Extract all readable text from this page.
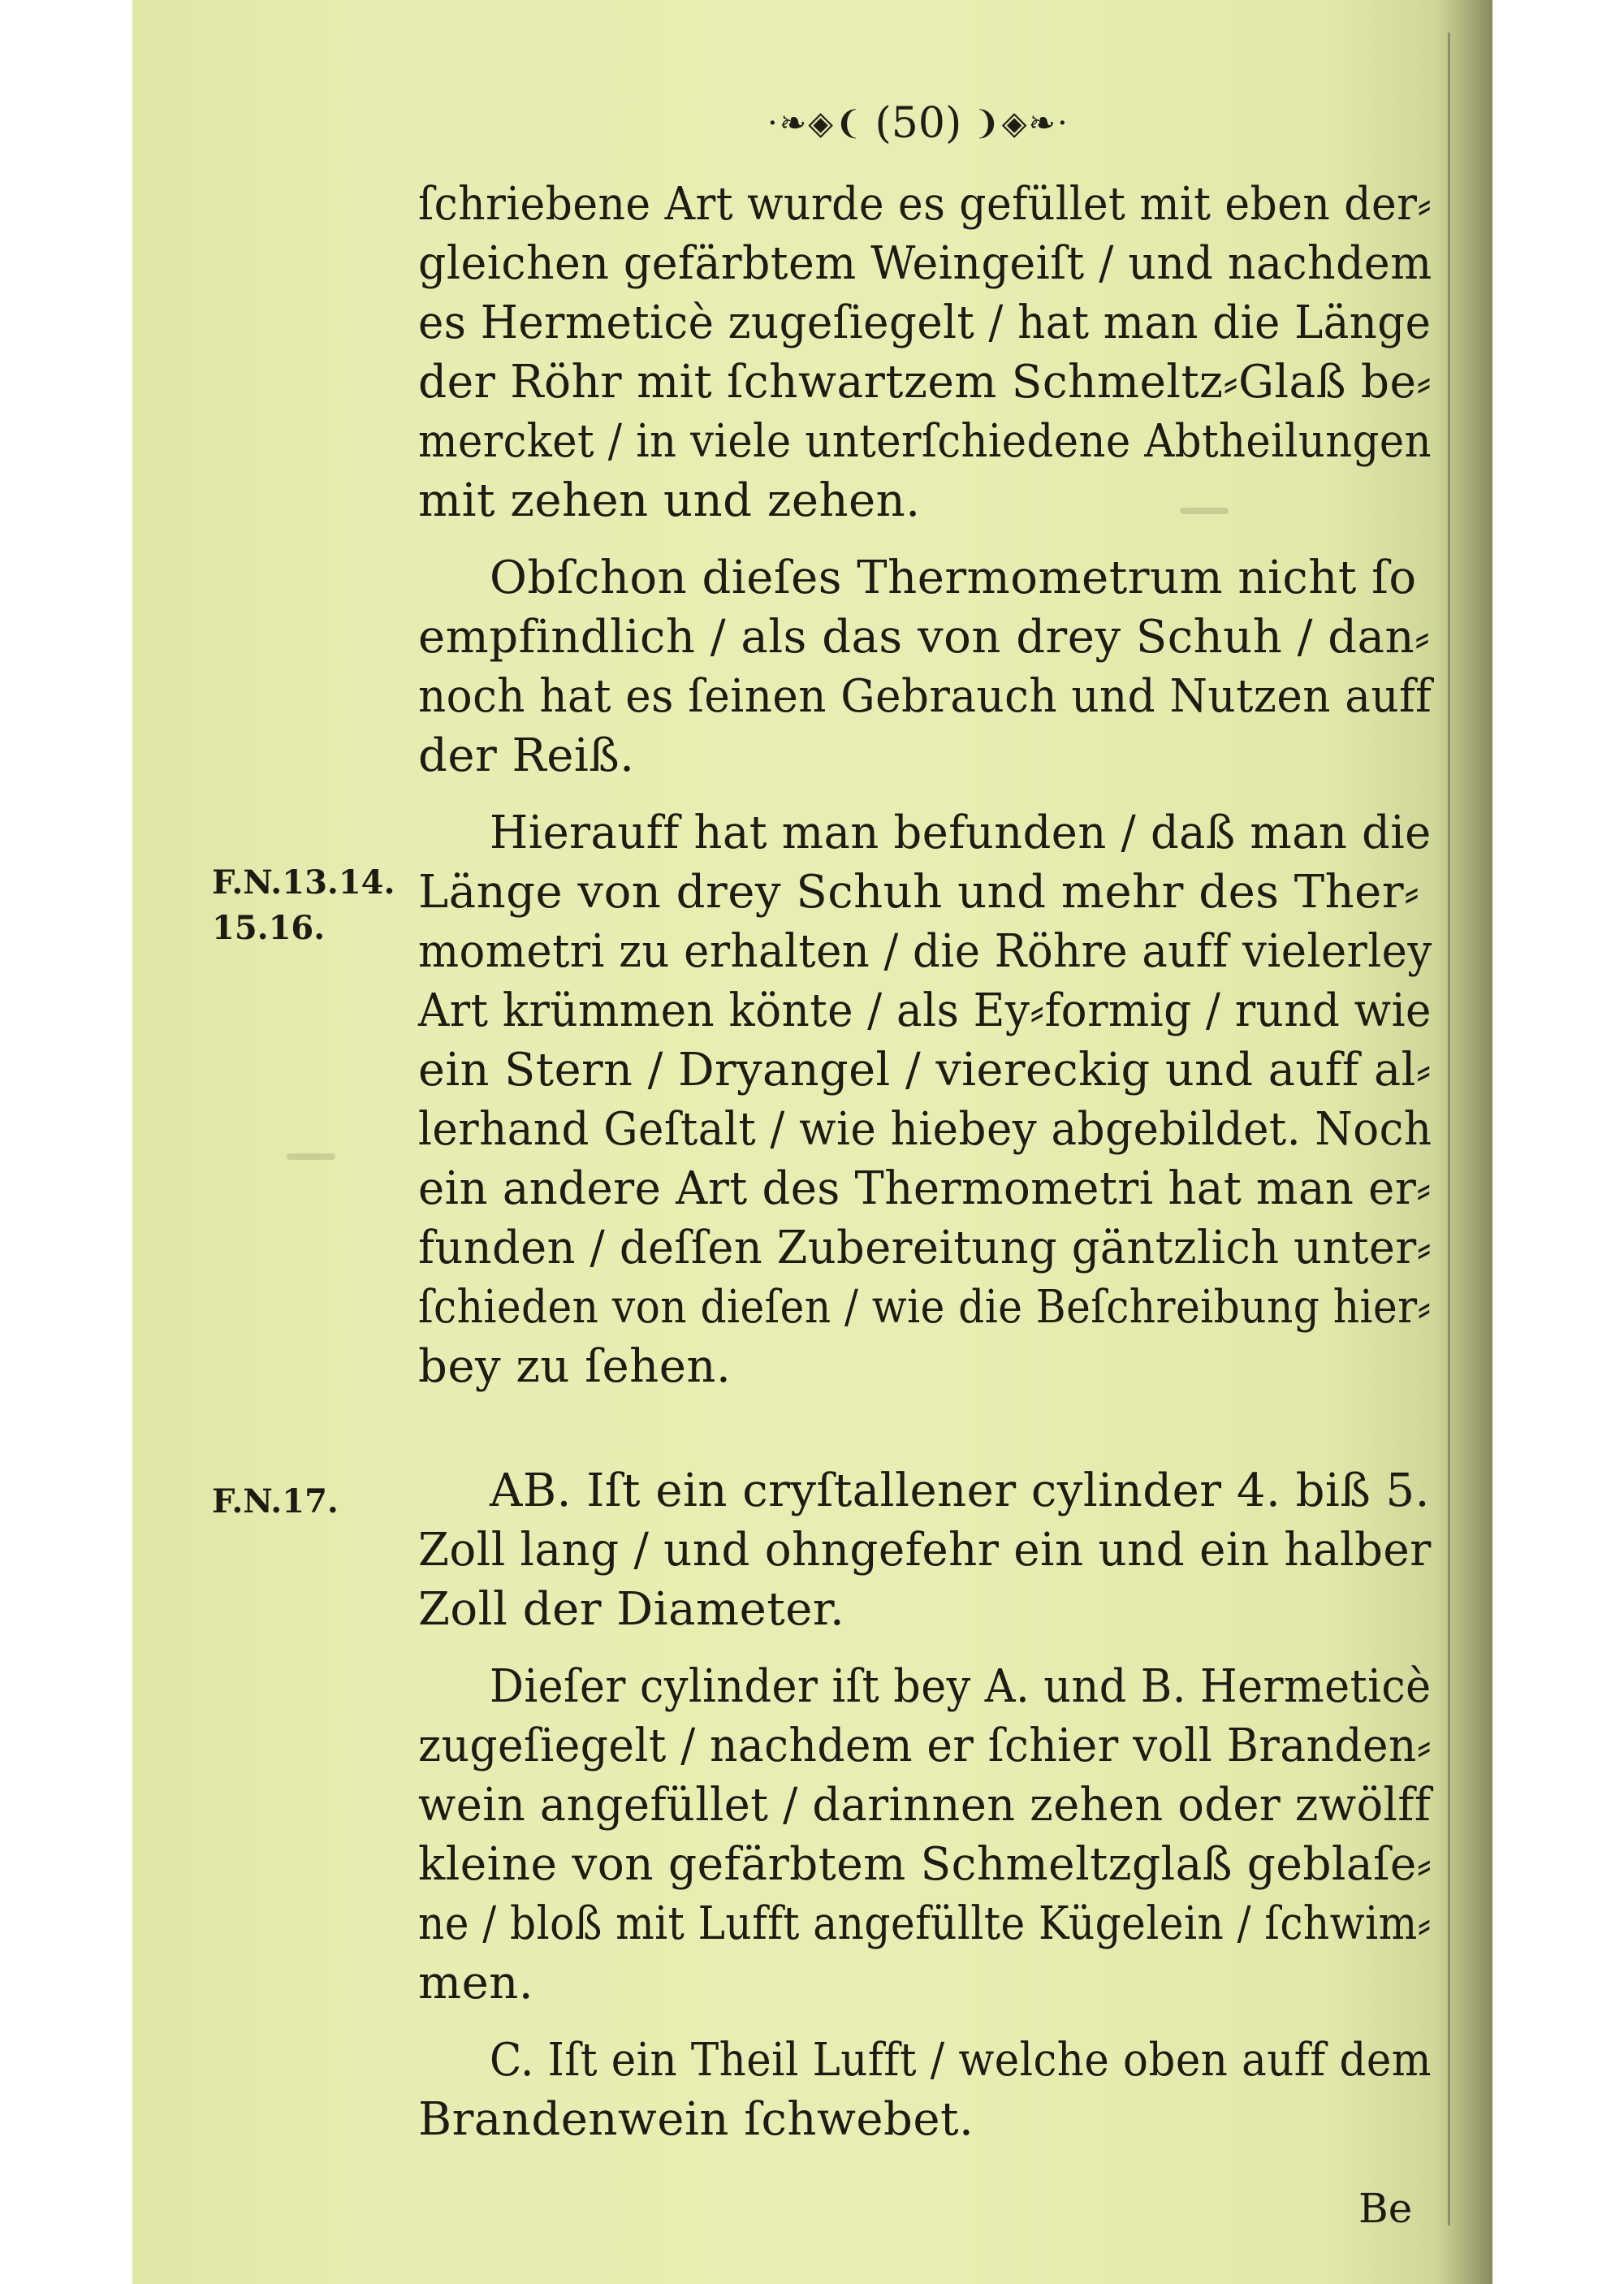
·❧◈❨ (50) ❩◈❧·
F.N.13.14.
15.16.
F.N.17.
ſchriebene Art wurde es gefüllet mit eben der⸗
gleichen gefärbtem Weingeiſt / und nachdem
es Hermeticè zugeſiegelt / hat man die Länge
der Röhr mit ſchwartzem Schmeltz⸗Glaß be⸗
mercket / in viele unterſchiedene Abtheilungen
mit zehen und zehen.
Obſchon dieſes Thermometrum nicht ſo
empfindlich / als das von drey Schuh / dan⸗
noch hat es ſeinen Gebrauch und Nutzen auff
der Reiß.
Hierauff hat man befunden / daß man die
Länge von drey Schuh und mehr des Ther⸗
mometri zu erhalten / die Röhre auff vielerley
Art krümmen könte / als Ey⸗formig / rund wie
ein Stern / Dryangel / viereckig und auff al⸗
lerhand Geſtalt / wie hiebey abgebildet. Noch
ein andere Art des Thermometri hat man er⸗
funden / deſſen Zubereitung gäntzlich unter⸗
ſchieden von dieſen / wie die Beſchreibung hier⸗
bey zu ſehen.
AB. Iſt ein cryſtallener cylinder 4. biß 5.
Zoll lang / und ohngefehr ein und ein halber
Zoll der Diameter.
Dieſer cylinder iſt bey A. und B. Hermeticè
zugeſiegelt / nachdem er ſchier voll Branden⸗
wein angefüllet / darinnen zehen oder zwölff
kleine von gefärbtem Schmeltzglaß geblaſe⸗
ne / bloß mit Lufft angefüllte Kügelein / ſchwim⸗
men.
C. Iſt ein Theil Lufft / welche oben auff dem
Brandenwein ſchwebet.
Be
